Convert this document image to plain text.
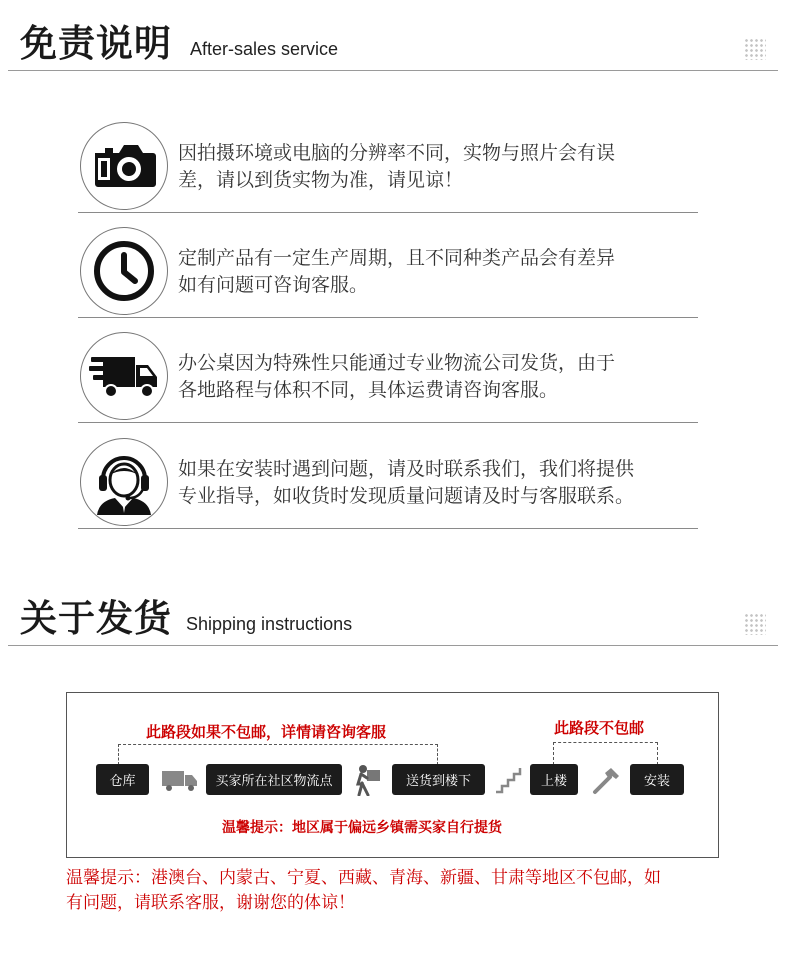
免责说明 After-sales service
因拍摄环境或电脑的分辨率不同，实物与照片会有误
差，请以到货实物为准，请见谅！
定制产品有一定生产周期，且不同种类产品会有差异
如有问题可咨询客服。
办公桌因为特殊性只能通过专业物流公司发货，由于
各地路程与体积不同，具体运费请咨询客服。
如果在安装时遇到问题，请及时联系我们，我们将提供
专业指导，如收货时发现质量问题请及时与客服联系。
关于发货 Shipping instructions
此路段如果不包邮，详情请咨询客服	此路段不包邮
仓库	买家所在社区物流点	送货到楼下	上楼	安装
温馨提示：地区属于偏远乡镇需买家自行提货
温馨提示：港澳台、内蒙古、宁夏、西藏、青海、新疆、甘肃等地区不包邮，如
有问题，请联系客服，谢谢您的体谅！
